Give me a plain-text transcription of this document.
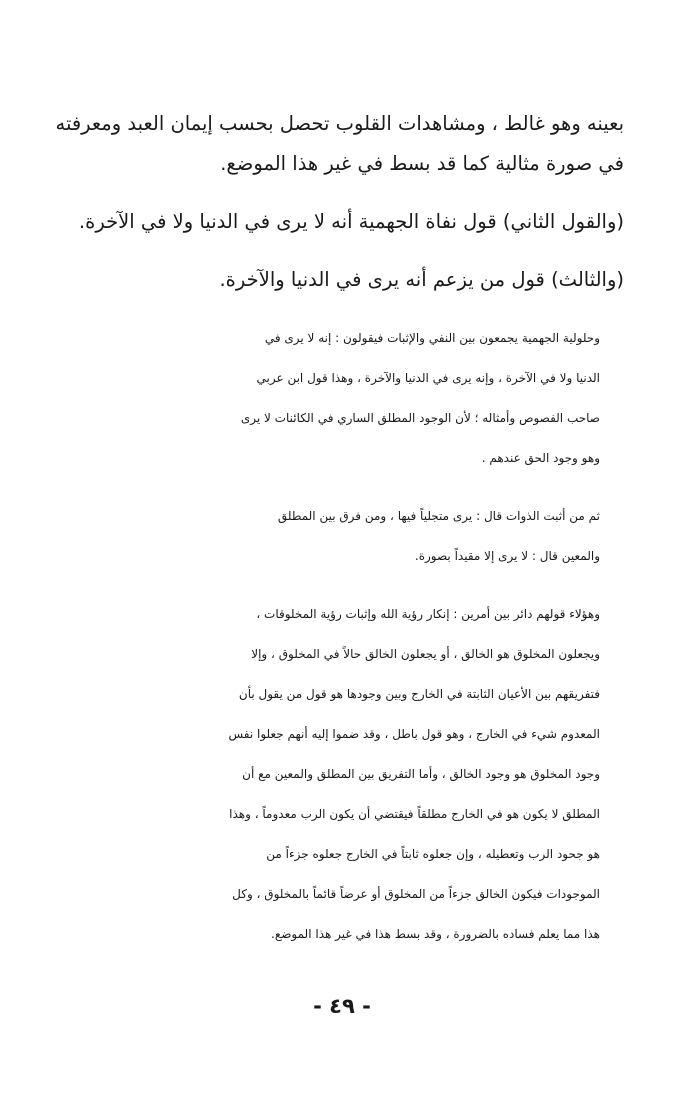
بعينه وهو غالط ، ومشاهدات القلوب تحصل بحسب إيمان العبد ومعرفته
في صورة مثالية كما قد بسط في غير هذا الموضع.

(والقول الثاني) قول نفاة الجهمية أنه لا يرى في الدنيا ولا في الآخرة.

(والثالث) قول من يزعم أنه يرى في الدنيا والآخرة.

وحلولية الجهمية يجمعون بين النفي والإثبات فيقولون : إنه لا يرى في
الدنيا ولا في الآخرة ، وإنه يرى في الدنيا والآخرة ، وهذا قول ابن عربي
صاحب الفصوص وأمثاله ؛ لأن الوجود المطلق الساري في الكائنات لا يرى
وهو وجود الحق عندهم .

ثم من أثبت الذوات قال : يرى متجلياً فيها ، ومن فرق بين المطلق
والمعين قال : لا يرى إلا مقيداً بصورة.

وهؤلاء قولهم دائر بين أمرين : إنكار رؤية الله وإثبات رؤية المخلوقات ،
ويجعلون المخلوق هو الخالق ، أو يجعلون الخالق حالاً في المخلوق ، وإلا
فتفريقهم بين الأعيان الثابتة في الخارج وبين وجودها هو قول من يقول بأن
المعدوم شيء في الخارج ، وهو قول باطل ، وقد ضموا إليه أنهم جعلوا نفس
وجود المخلوق هو وجود الخالق ، وأما التفريق بين المطلق والمعين مع أن
المطلق لا يكون هو في الخارج مطلقاً فيقتضي أن يكون الرب معدوماً ، وهذا
هو جحود الرب وتعطيله ، وإن جعلوه ثابتاً في الخارج جعلوه جزءاً من
الموجودات فيكون الخالق جزءاً من المخلوق أو عرضاً قائماً بالمخلوق ، وكل
هذا مما يعلم فساده بالضرورة ، وقد بسط هذا في غير هذا الموضع.

- ٤٩ -
